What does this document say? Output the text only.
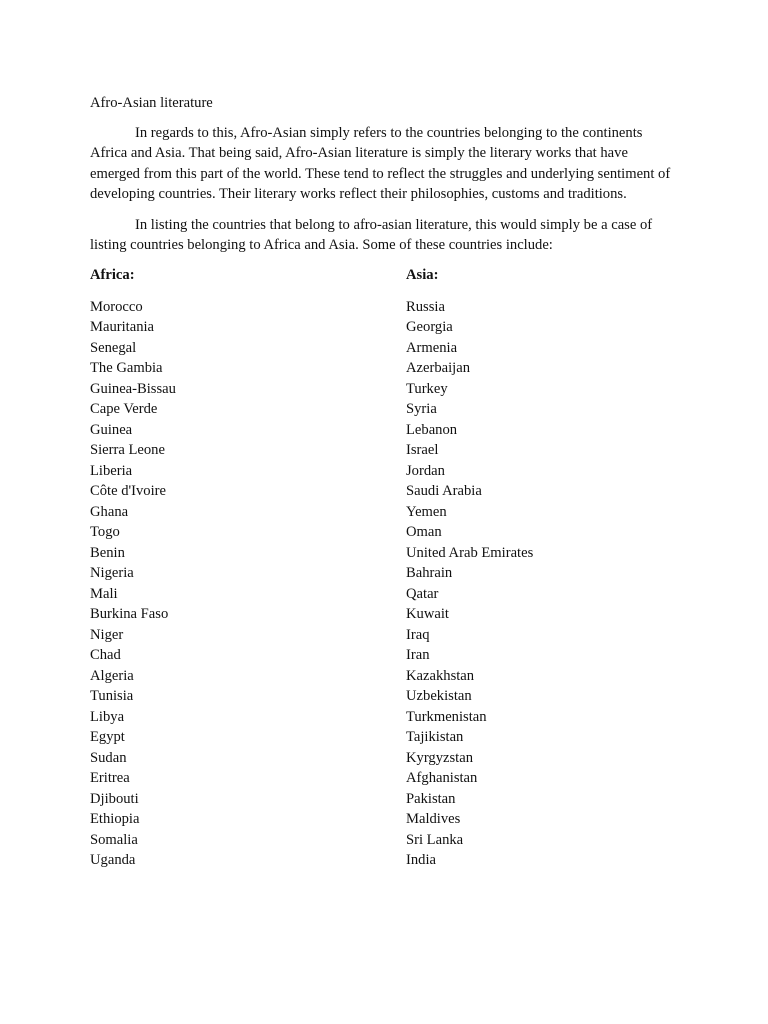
Afro-Asian literature

In regards to this, Afro-Asian simply refers to the countries belonging to the continents Africa and Asia. That being said, Afro-Asian literature is simply the literary works that have emerged from this part of the world. These tend to reflect the struggles and underlying sentiment of developing countries. Their literary works reflect their philosophies, customs and traditions.

In listing the countries that belong to afro-asian literature, this would simply be a case of listing countries belonging to Africa and Asia. Some of these countries include:

Africa:
Morocco
Mauritania
Senegal
The Gambia
Guinea-Bissau
Cape Verde
Guinea
Sierra Leone
Liberia
Côte d'Ivoire
Ghana
Togo
Benin
Nigeria
Mali
Burkina Faso
Niger
Chad
Algeria
Tunisia
Libya
Egypt
Sudan
Eritrea
Djibouti
Ethiopia
Somalia
Uganda
Asia:
Russia
Georgia
Armenia
Azerbaijan
Turkey
Syria
Lebanon
Israel
Jordan
Saudi Arabia
Yemen
Oman
United Arab Emirates
Bahrain
Qatar
Kuwait
Iraq
Iran
Kazakhstan
Uzbekistan
Turkmenistan
Tajikistan
Kyrgyzstan
Afghanistan
Pakistan
Maldives
Sri Lanka
India
